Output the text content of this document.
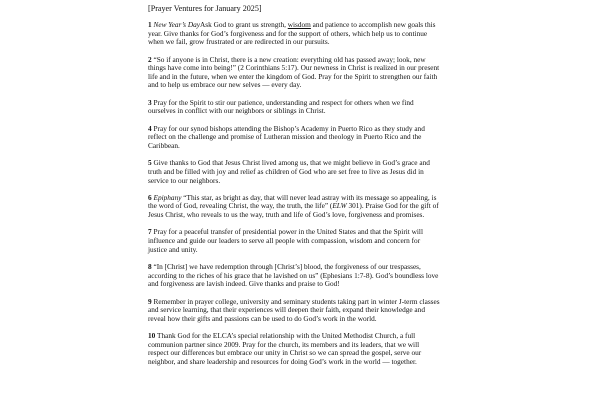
[Prayer Ventures for January 2025]

1 New Year’s DayAsk God to grant us strength, wisdom and patience to accomplish new goals this year. Give thanks for God’s forgiveness and for the support of others, which help us to continue when we fail, grow frustrated or are redirected in our pursuits.

2 “So if anyone is in Christ, there is a new creation: everything old has passed away; look, new things have come into being!” (2 Corinthians 5:17). Our newness in Christ is realized in our present life and in the future, when we enter the kingdom of God. Pray for the Spirit to strengthen our faith and to help us embrace our new selves — every day.

3 Pray for the Spirit to stir our patience, understanding and respect for others when we find ourselves in conflict with our neighbors or siblings in Christ.

4 Pray for our synod bishops attending the Bishop’s Academy in Puerto Rico as they study and reflect on the challenge and promise of Lutheran mission and theology in Puerto Rico and the Caribbean.

5 Give thanks to God that Jesus Christ lived among us, that we might believe in God’s grace and truth and be filled with joy and relief as children of God who are set free to live as Jesus did in service to our neighbors.

6 Epiphany “This star, as bright as day, that will never lead astray with its message so appealing, is the word of God, revealing Christ, the way, the truth, the life” (ELW 301). Praise God for the gift of Jesus Christ, who reveals to us the way, truth and life of God’s love, forgiveness and promises.

7 Pray for a peaceful transfer of presidential power in the United States and that the Spirit will influence and guide our leaders to serve all people with compassion, wisdom and concern for justice and unity.

8 “In [Christ] we have redemption through [Christ’s] blood, the forgiveness of our trespasses, according to the riches of his grace that he lavished on us” (Ephesians 1:7-8). God’s boundless love and forgiveness are lavish indeed. Give thanks and praise to God!

9 Remember in prayer college, university and seminary students taking part in winter J-term classes and service learning, that their experiences will deepen their faith, expand their knowledge and reveal how their gifts and passions can be used to do God’s work in the world.

10 Thank God for the ELCA’s special relationship with the United Methodist Church, a full communion partner since 2009. Pray for the church, its members and its leaders, that we will respect our differences but embrace our unity in Christ so we can spread the gospel, serve our neighbor, and share leadership and resources for doing God’s work in the world — together.
